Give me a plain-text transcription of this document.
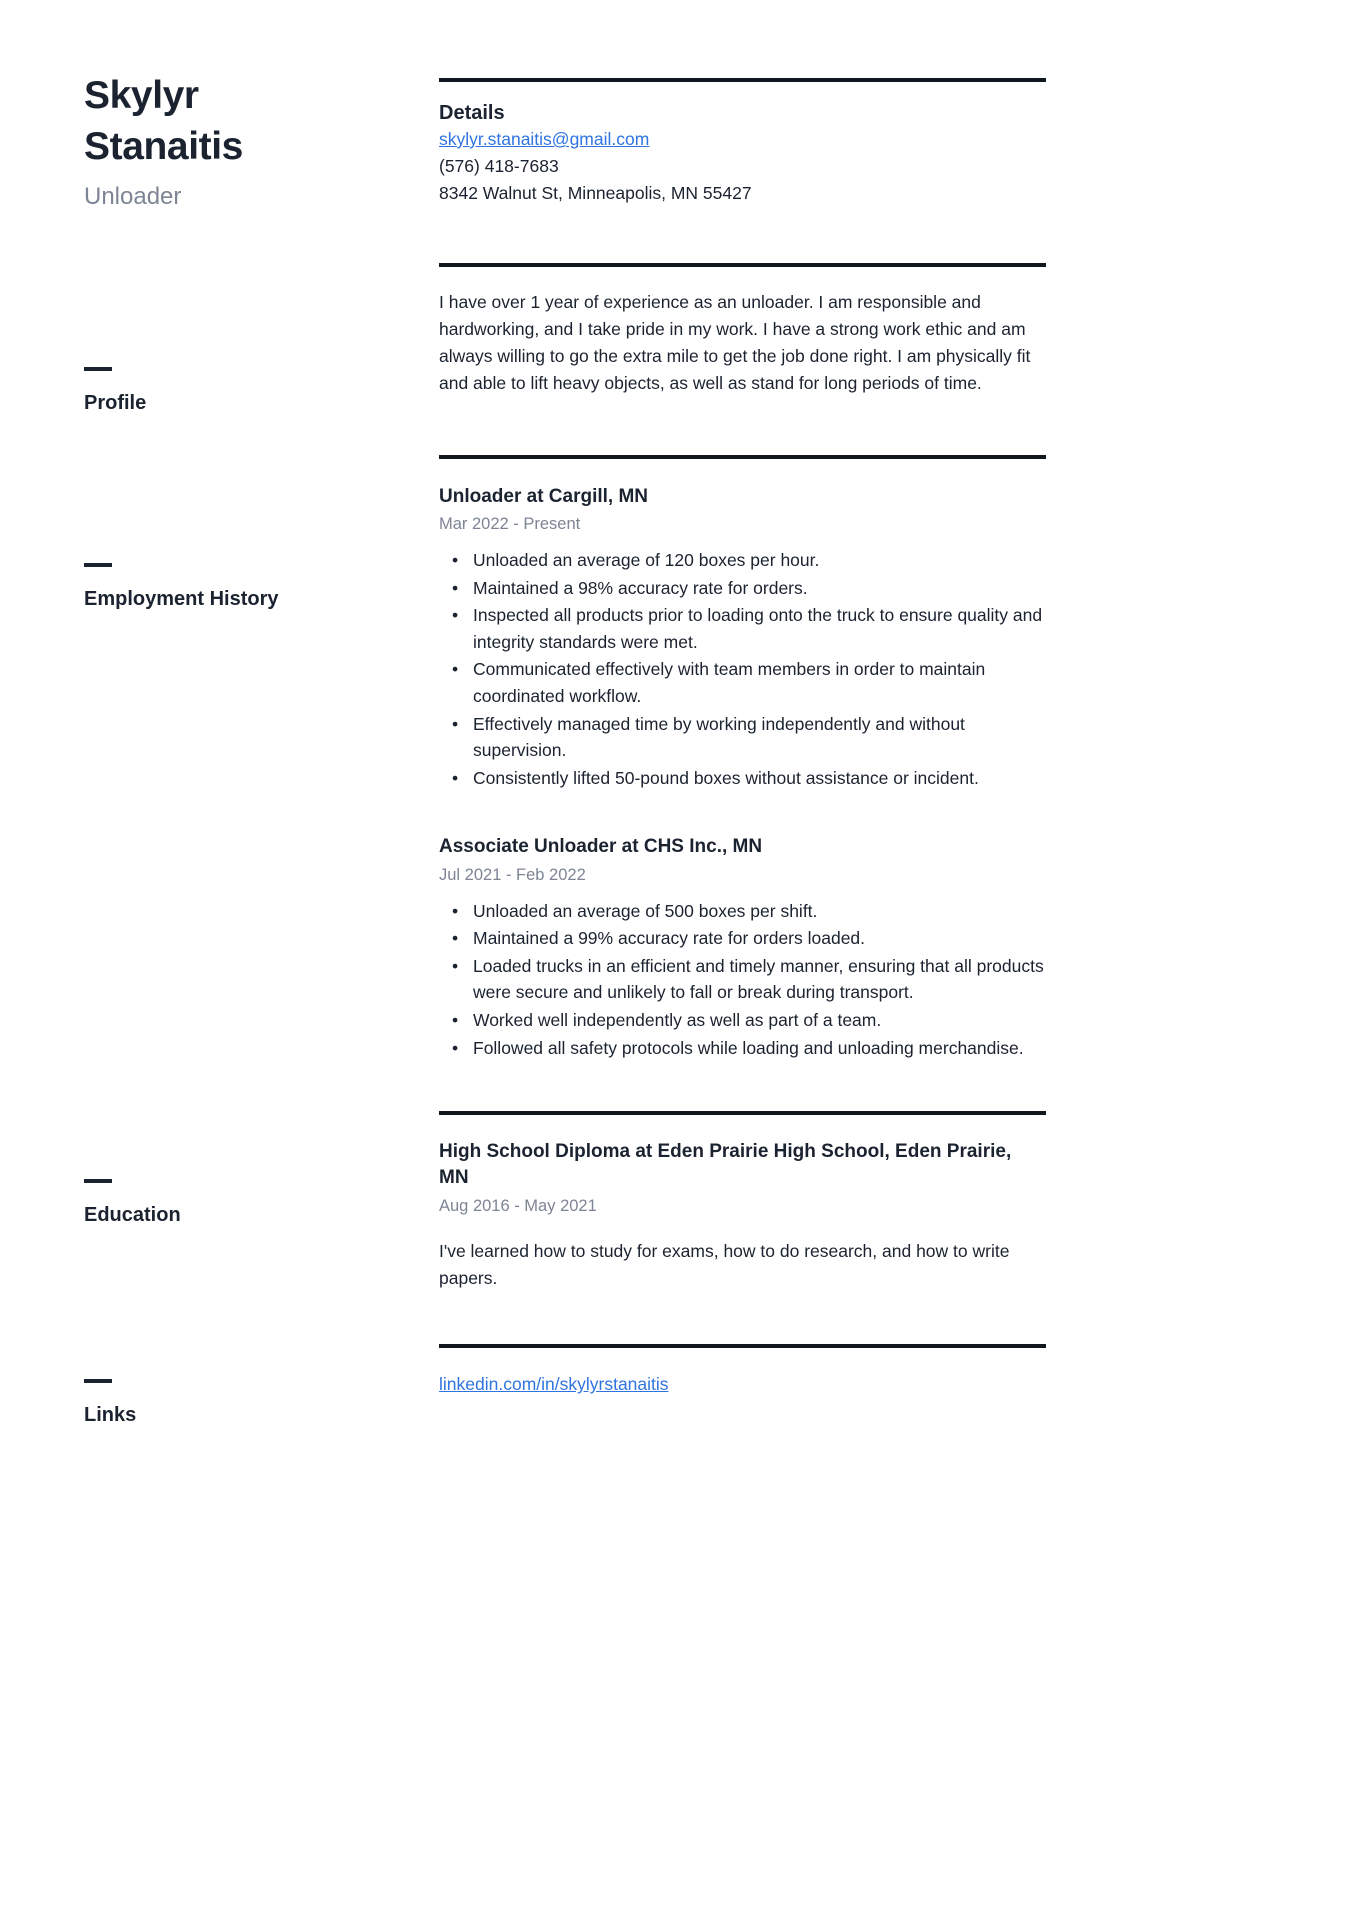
Skylyr
Stanaitis
Unloader
Profile
Employment History
Education
Links
Details
skylyr.stanaitis@gmail.com
(576) 418-7683
8342 Walnut St, Minneapolis, MN 55427
I have over 1 year of experience as an unloader. I am responsible and hardworking, and I take pride in my work. I have a strong work ethic and am always willing to go the extra mile to get the job done right. I am physically fit and able to lift heavy objects, as well as stand for long periods of time.
Unloader at Cargill, MN
Mar 2022 - Present
• Unloaded an average of 120 boxes per hour.
• Maintained a 98% accuracy rate for orders.
• Inspected all products prior to loading onto the truck to ensure quality and integrity standards were met.
• Communicated effectively with team members in order to maintain coordinated workflow.
• Effectively managed time by working independently and without supervision.
• Consistently lifted 50-pound boxes without assistance or incident.
Associate Unloader at CHS Inc., MN
Jul 2021 - Feb 2022
• Unloaded an average of 500 boxes per shift.
• Maintained a 99% accuracy rate for orders loaded.
• Loaded trucks in an efficient and timely manner, ensuring that all products were secure and unlikely to fall or break during transport.
• Worked well independently as well as part of a team.
• Followed all safety protocols while loading and unloading merchandise.
High School Diploma at Eden Prairie High School, Eden Prairie, MN
Aug 2016 - May 2021
I've learned how to study for exams, how to do research, and how to write papers.
linkedin.com/in/skylyrstanaitis
